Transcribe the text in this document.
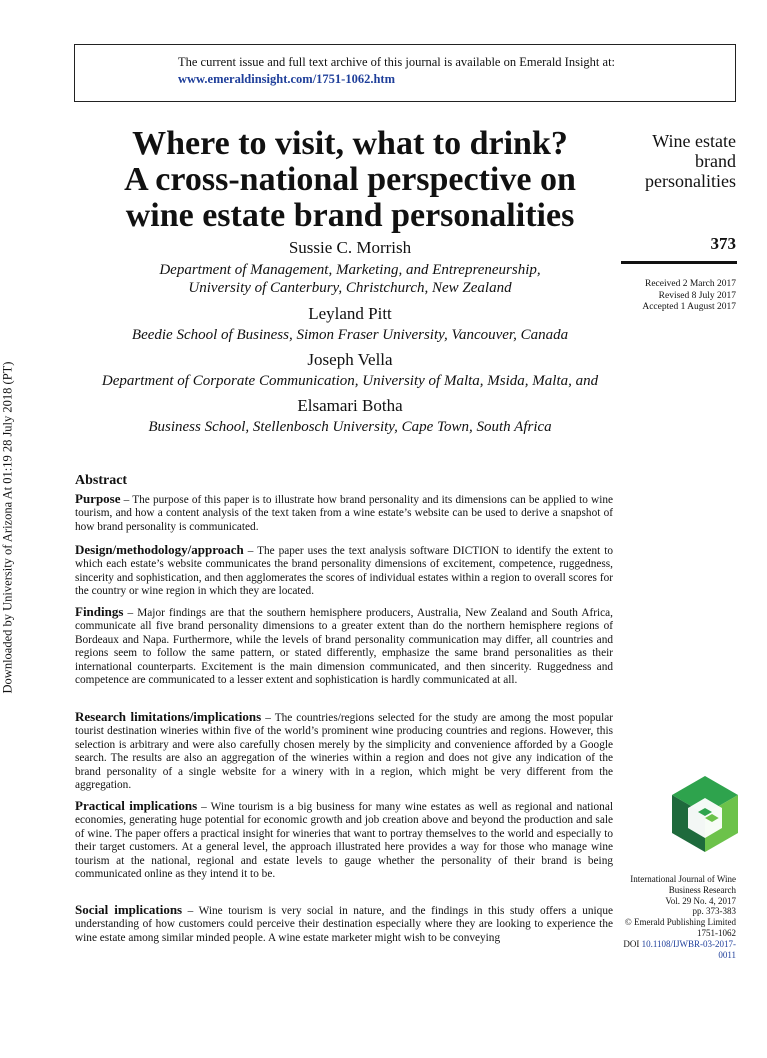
The current issue and full text archive of this journal is available on Emerald Insight at:
www.emeraldinsight.com/1751-1062.htm
Downloaded by University of Arizona At 01:19 28 July 2018 (PT)
Where to visit, what to drink?
A cross-national perspective on
wine estate brand personalities
Sussie C. Morrish
Department of Management, Marketing, and Entrepreneurship,
University of Canterbury, Christchurch, New Zealand
Leyland Pitt
Beedie School of Business, Simon Fraser University, Vancouver, Canada
Joseph Vella
Department of Corporate Communication, University of Malta, Msida, Malta, and
Elsamari Botha
Business School, Stellenbosch University, Cape Town, South Africa
Wine estate
brand
personalities
373
Received 2 March 2017
Revised 8 July 2017
Accepted 1 August 2017
Abstract
Purpose – The purpose of this paper is to illustrate how brand personality and its dimensions can be applied to wine tourism, and how a content analysis of the text taken from a wine estate’s website can be used to derive a snapshot of how brand personality is communicated.
Design/methodology/approach – The paper uses the text analysis software DICTION to identify the extent to which each estate’s website communicates the brand personality dimensions of excitement, competence, ruggedness, sincerity and sophistication, and then agglomerates the scores of individual estates within a region to overall scores for the country or wine region in which they are located.
Findings – Major findings are that the southern hemisphere producers, Australia, New Zealand and South Africa, communicate all five brand personality dimensions to a greater extent than do the northern hemisphere regions of Bordeaux and Napa. Furthermore, while the levels of brand personality communication may differ, all countries and regions seem to follow the same pattern, or stated differently, emphasize the same brand personalities as their international counterparts. Excitement is the main dimension communicated, and then sincerity. Ruggedness and competence are communicated to a lesser extent and sophistication is hardly communicated at all.
Research limitations/implications – The countries/regions selected for the study are among the most popular tourist destination wineries within five of the world’s prominent wine producing countries and regions. However, this selection is arbitrary and were also carefully chosen merely by the simplicity and convenience afforded by a Google search. The results are also an aggregation of the wineries within a region and does not give any indication of the brand personality of a single website for a winery with in a region, which might be very different from the aggregation.
Practical implications – Wine tourism is a big business for many wine estates as well as regional and national economies, generating huge potential for economic growth and job creation above and beyond the production and sale of wine. The paper offers a practical insight for wineries that want to portray themselves to the world and especially to their target customers. At a general level, the approach illustrated here provides a way for those who manage wine tourism at the national, regional and estate levels to gauge whether the personality of their brand is being communicated online as they intend it to be.
Social implications – Wine tourism is very social in nature, and the findings in this study offers a unique understanding of how customers could perceive their destination especially where they are looking to experience the wine estate among similar minded people. A wine estate marketer might wish to be conveying
International Journal of Wine
Business Research
Vol. 29 No. 4, 2017
pp. 373-383
© Emerald Publishing Limited
1751-1062
DOI 10.1108/IJWBR-03-2017-0011
